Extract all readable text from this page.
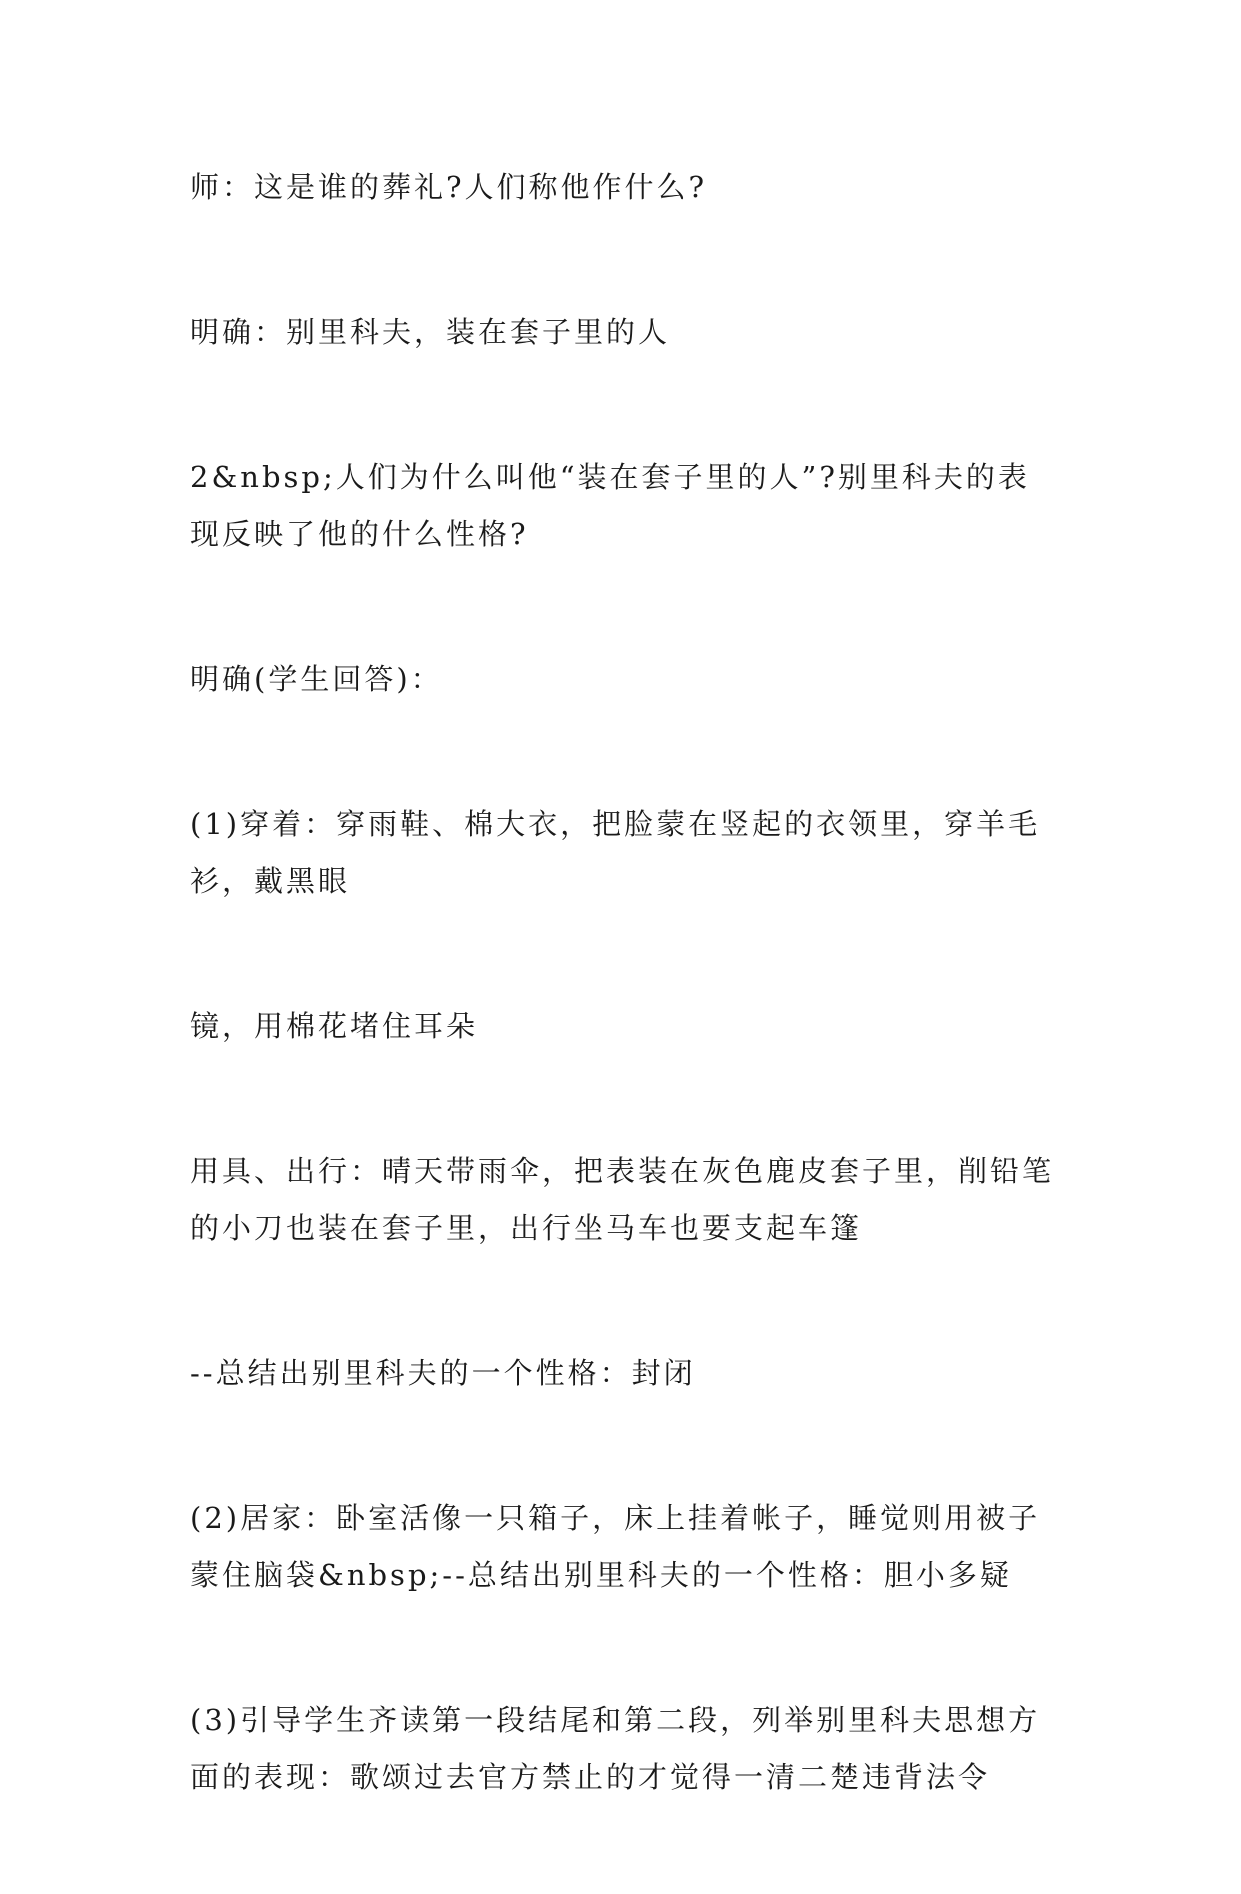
师：这是谁的葬礼?人们称他作什么?

明确：别里科夫，装在套子里的人

2&nbsp;人们为什么叫他“装在套子里的人”?别里科夫的表现反映了他的什么性格?

明确(学生回答)：

(1)穿着：穿雨鞋、棉大衣，把脸蒙在竖起的衣领里，穿羊毛衫，戴黑眼

镜，用棉花堵住耳朵

用具、出行：晴天带雨伞，把表装在灰色鹿皮套子里，削铅笔的小刀也装在套子里，出行坐马车也要支起车篷

--总结出别里科夫的一个性格：封闭

(2)居家：卧室活像一只箱子，床上挂着帐子，睡觉则用被子蒙住脑袋&nbsp;--总结出别里科夫的一个性格：胆小多疑

(3)引导学生齐读第一段结尾和第二段，列举别里科夫思想方面的表现：歌颂过去官方禁止的才觉得一清二楚违背法令
